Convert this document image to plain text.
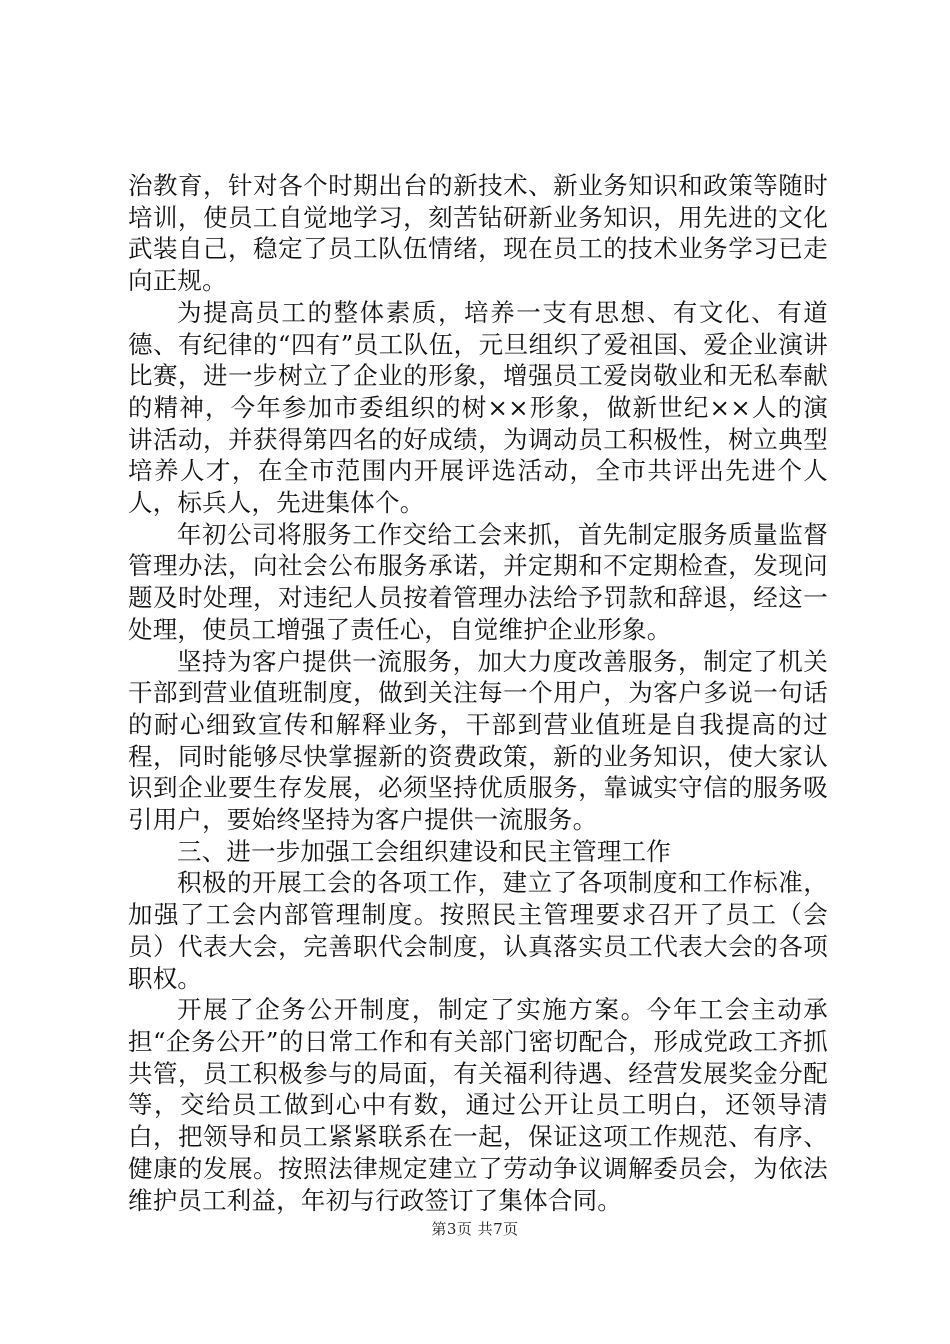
治教育，针对各个时期出台的新技术、新业务知识和政策等随时培训，使员工自觉地学习，刻苦钻研新业务知识，用先进的文化武装自己，稳定了员工队伍情绪，现在员工的技术业务学习已走向正规。

为提高员工的整体素质，培养一支有思想、有文化、有道德、有纪律的“四有”员工队伍，元旦组织了爱祖国、爱企业演讲比赛，进一步树立了企业的形象，增强员工爱岗敬业和无私奉献的精神，今年参加市委组织的树××形象，做新世纪××人的演讲活动，并获得第四名的好成绩，为调动员工积极性，树立典型培养人才，在全市范围内开展评选活动，全市共评出先进个人人，标兵人，先进集体个。

年初公司将服务工作交给工会来抓，首先制定服务质量监督管理办法，向社会公布服务承诺，并定期和不定期检查，发现问题及时处理，对违纪人员按着管理办法给予罚款和辞退，经这一处理，使员工增强了责任心，自觉维护企业形象。

坚持为客户提供一流服务，加大力度改善服务，制定了机关干部到营业值班制度，做到关注每一个用户，为客户多说一句话的耐心细致宣传和解释业务，干部到营业值班是自我提高的过程，同时能够尽快掌握新的资费政策，新的业务知识，使大家认识到企业要生存发展，必须坚持优质服务，靠诚实守信的服务吸引用户，要始终坚持为客户提供一流服务。

三、进一步加强工会组织建设和民主管理工作

积极的开展工会的各项工作，建立了各项制度和工作标准，加强了工会内部管理制度。按照民主管理要求召开了员工（会员）代表大会，完善职代会制度，认真落实员工代表大会的各项职权。

开展了企务公开制度，制定了实施方案。今年工会主动承担“企务公开”的日常工作和有关部门密切配合，形成党政工齐抓共管，员工积极参与的局面，有关福利待遇、经营发展奖金分配等，交给员工做到心中有数，通过公开让员工明白，还领导清白，把领导和员工紧紧联系在一起，保证这项工作规范、有序、健康的发展。按照法律规定建立了劳动争议调解委员会，为依法维护员工利益，年初与行政签订了集体合同。

第3页 共7页
